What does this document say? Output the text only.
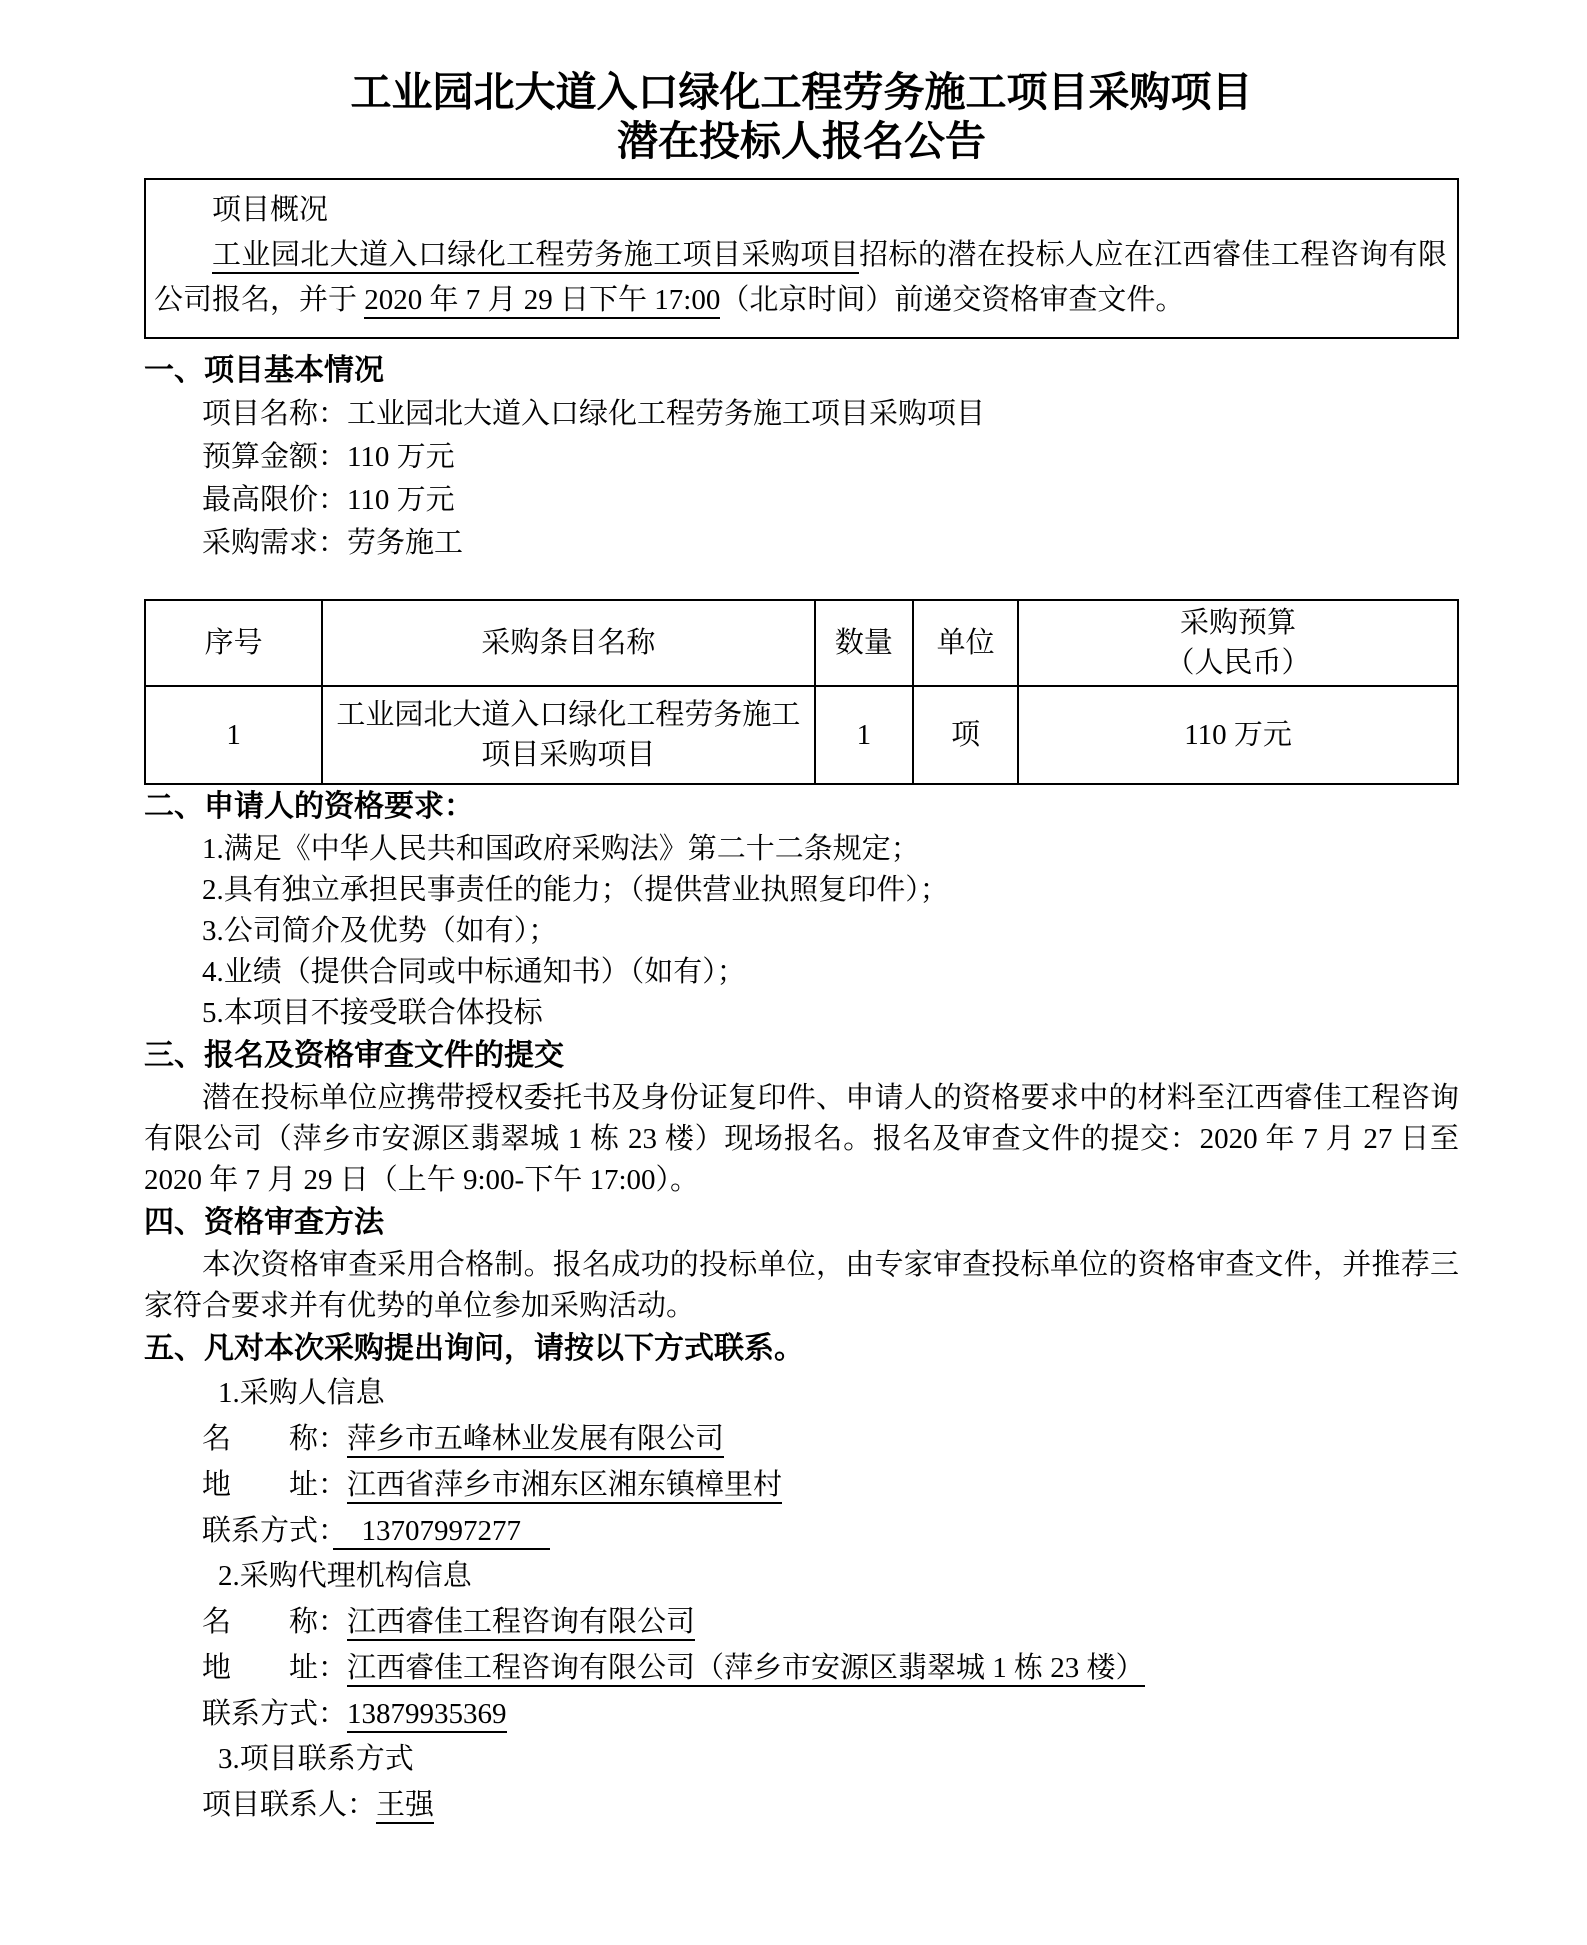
工业园北大道入口绿化工程劳务施工项目采购项目
潜在投标人报名公告
项目概况
工业园北大道入口绿化工程劳务施工项目采购项目招标的潜在投标人应在江西睿佳工程咨询有限公司报名，并于 2020 年 7 月 29 日下午 17:00（北京时间）前递交资格审查文件。
一、项目基本情况
项目名称：工业园北大道入口绿化工程劳务施工项目采购项目
预算金额：110 万元
最高限价：110 万元
采购需求：劳务施工
序号	采购条目名称	数量	单位	采购预算
（人民币）

1	工业园北大道入口绿化工程劳务施工项目采购项目	1	项	110 万元
二、申请人的资格要求：
1.满足《中华人民共和国政府采购法》第二十二条规定；
2.具有独立承担民事责任的能力；（提供营业执照复印件）；
3.公司简介及优势（如有）；
4.业绩（提供合同或中标通知书）（如有）；
5.本项目不接受联合体投标
三、报名及资格审查文件的提交
潜在投标单位应携带授权委托书及身份证复印件、申请人的资格要求中的材料至江西睿佳工程咨询有限公司（萍乡市安源区翡翠城 1 栋 23 楼）现场报名。报名及审查文件的提交：2020 年 7 月 27 日至 2020 年 7 月 29 日（上午 9:00-下午 17:00）。
四、资格审查方法
本次资格审查采用合格制。报名成功的投标单位，由专家审查投标单位的资格审查文件，并推荐三家符合要求并有优势的单位参加采购活动。
五、凡对本次采购提出询问，请按以下方式联系。
1.采购人信息
名　　称：萍乡市五峰林业发展有限公司
地　　址：江西省萍乡市湘东区湘东镇樟里村
联系方式：　13707997277　
2.采购代理机构信息
名　　称：江西睿佳工程咨询有限公司
地　　址：江西睿佳工程咨询有限公司（萍乡市安源区翡翠城 1 栋 23 楼）
联系方式：13879935369
3.项目联系方式
项目联系人：王强
